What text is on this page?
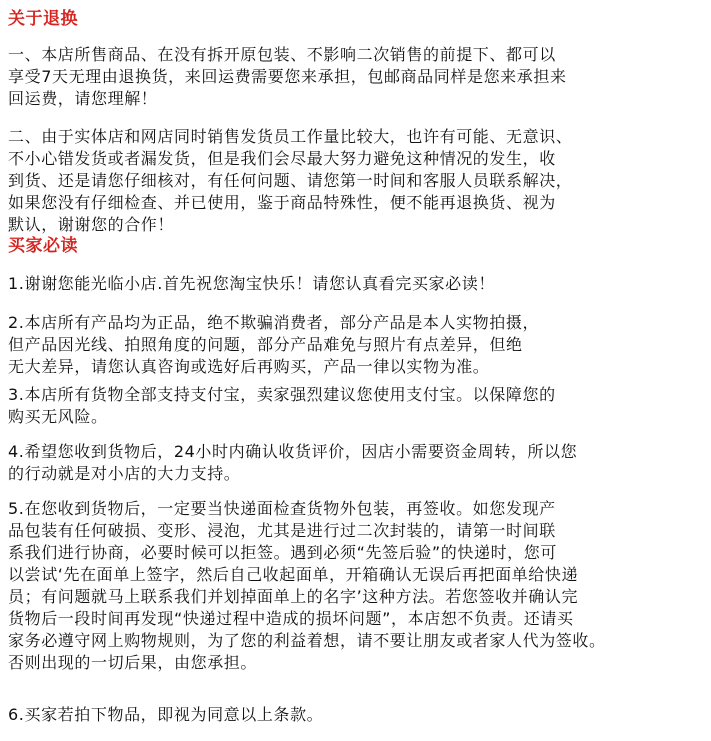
关于退换
一、本店所售商品、在没有拆开原包装、不影响二次销售的前提下、都可以
享受7天无理由退换货，来回运费需要您来承担，包邮商品同样是您来承担来
回运费，请您理解！
二、由于实体店和网店同时销售发货员工作量比较大，也许有可能、无意识、
不小心错发货或者漏发货，但是我们会尽最大努力避免这种情况的发生，收
到货、还是请您仔细核对，有任何问题、请您第一时间和客服人员联系解决，
如果您没有仔细检查、并已使用，鉴于商品特殊性，便不能再退换货、视为
默认，谢谢您的合作！
买家必读
1.谢谢您能光临小店.首先祝您淘宝快乐！请您认真看完买家必读！
2.本店所有产品均为正品，绝不欺骗消费者，部分产品是本人实物拍摄，
但产品因光线、拍照角度的问题，部分产品难免与照片有点差异，但绝
无大差异，请您认真咨询或选好后再购买，产品一律以实物为准。
3.本店所有货物全部支持支付宝，卖家强烈建议您使用支付宝。以保障您的
购买无风险。
4.希望您收到货物后，24小时内确认收货评价，因店小需要资金周转，所以您
的行动就是对小店的大力支持。
5.在您收到货物后，一定要当快递面检查货物外包装，再签收。如您发现产
品包装有任何破损、变形、浸泡，尤其是进行过二次封装的，请第一时间联
系我们进行协商，必要时候可以拒签。遇到必须“先签后验”的快递时，您可
以尝试‘先在面单上签字，然后自己收起面单，开箱确认无误后再把面单给快递
员；有问题就马上联系我们并划掉面单上的名字’这种方法。若您签收并确认完
货物后一段时间再发现“快递过程中造成的损坏问题”，本店恕不负责。还请买
家务必遵守网上购物规则，为了您的利益着想，请不要让朋友或者家人代为签收。
否则出现的一切后果，由您承担。
6.买家若拍下物品，即视为同意以上条款。
